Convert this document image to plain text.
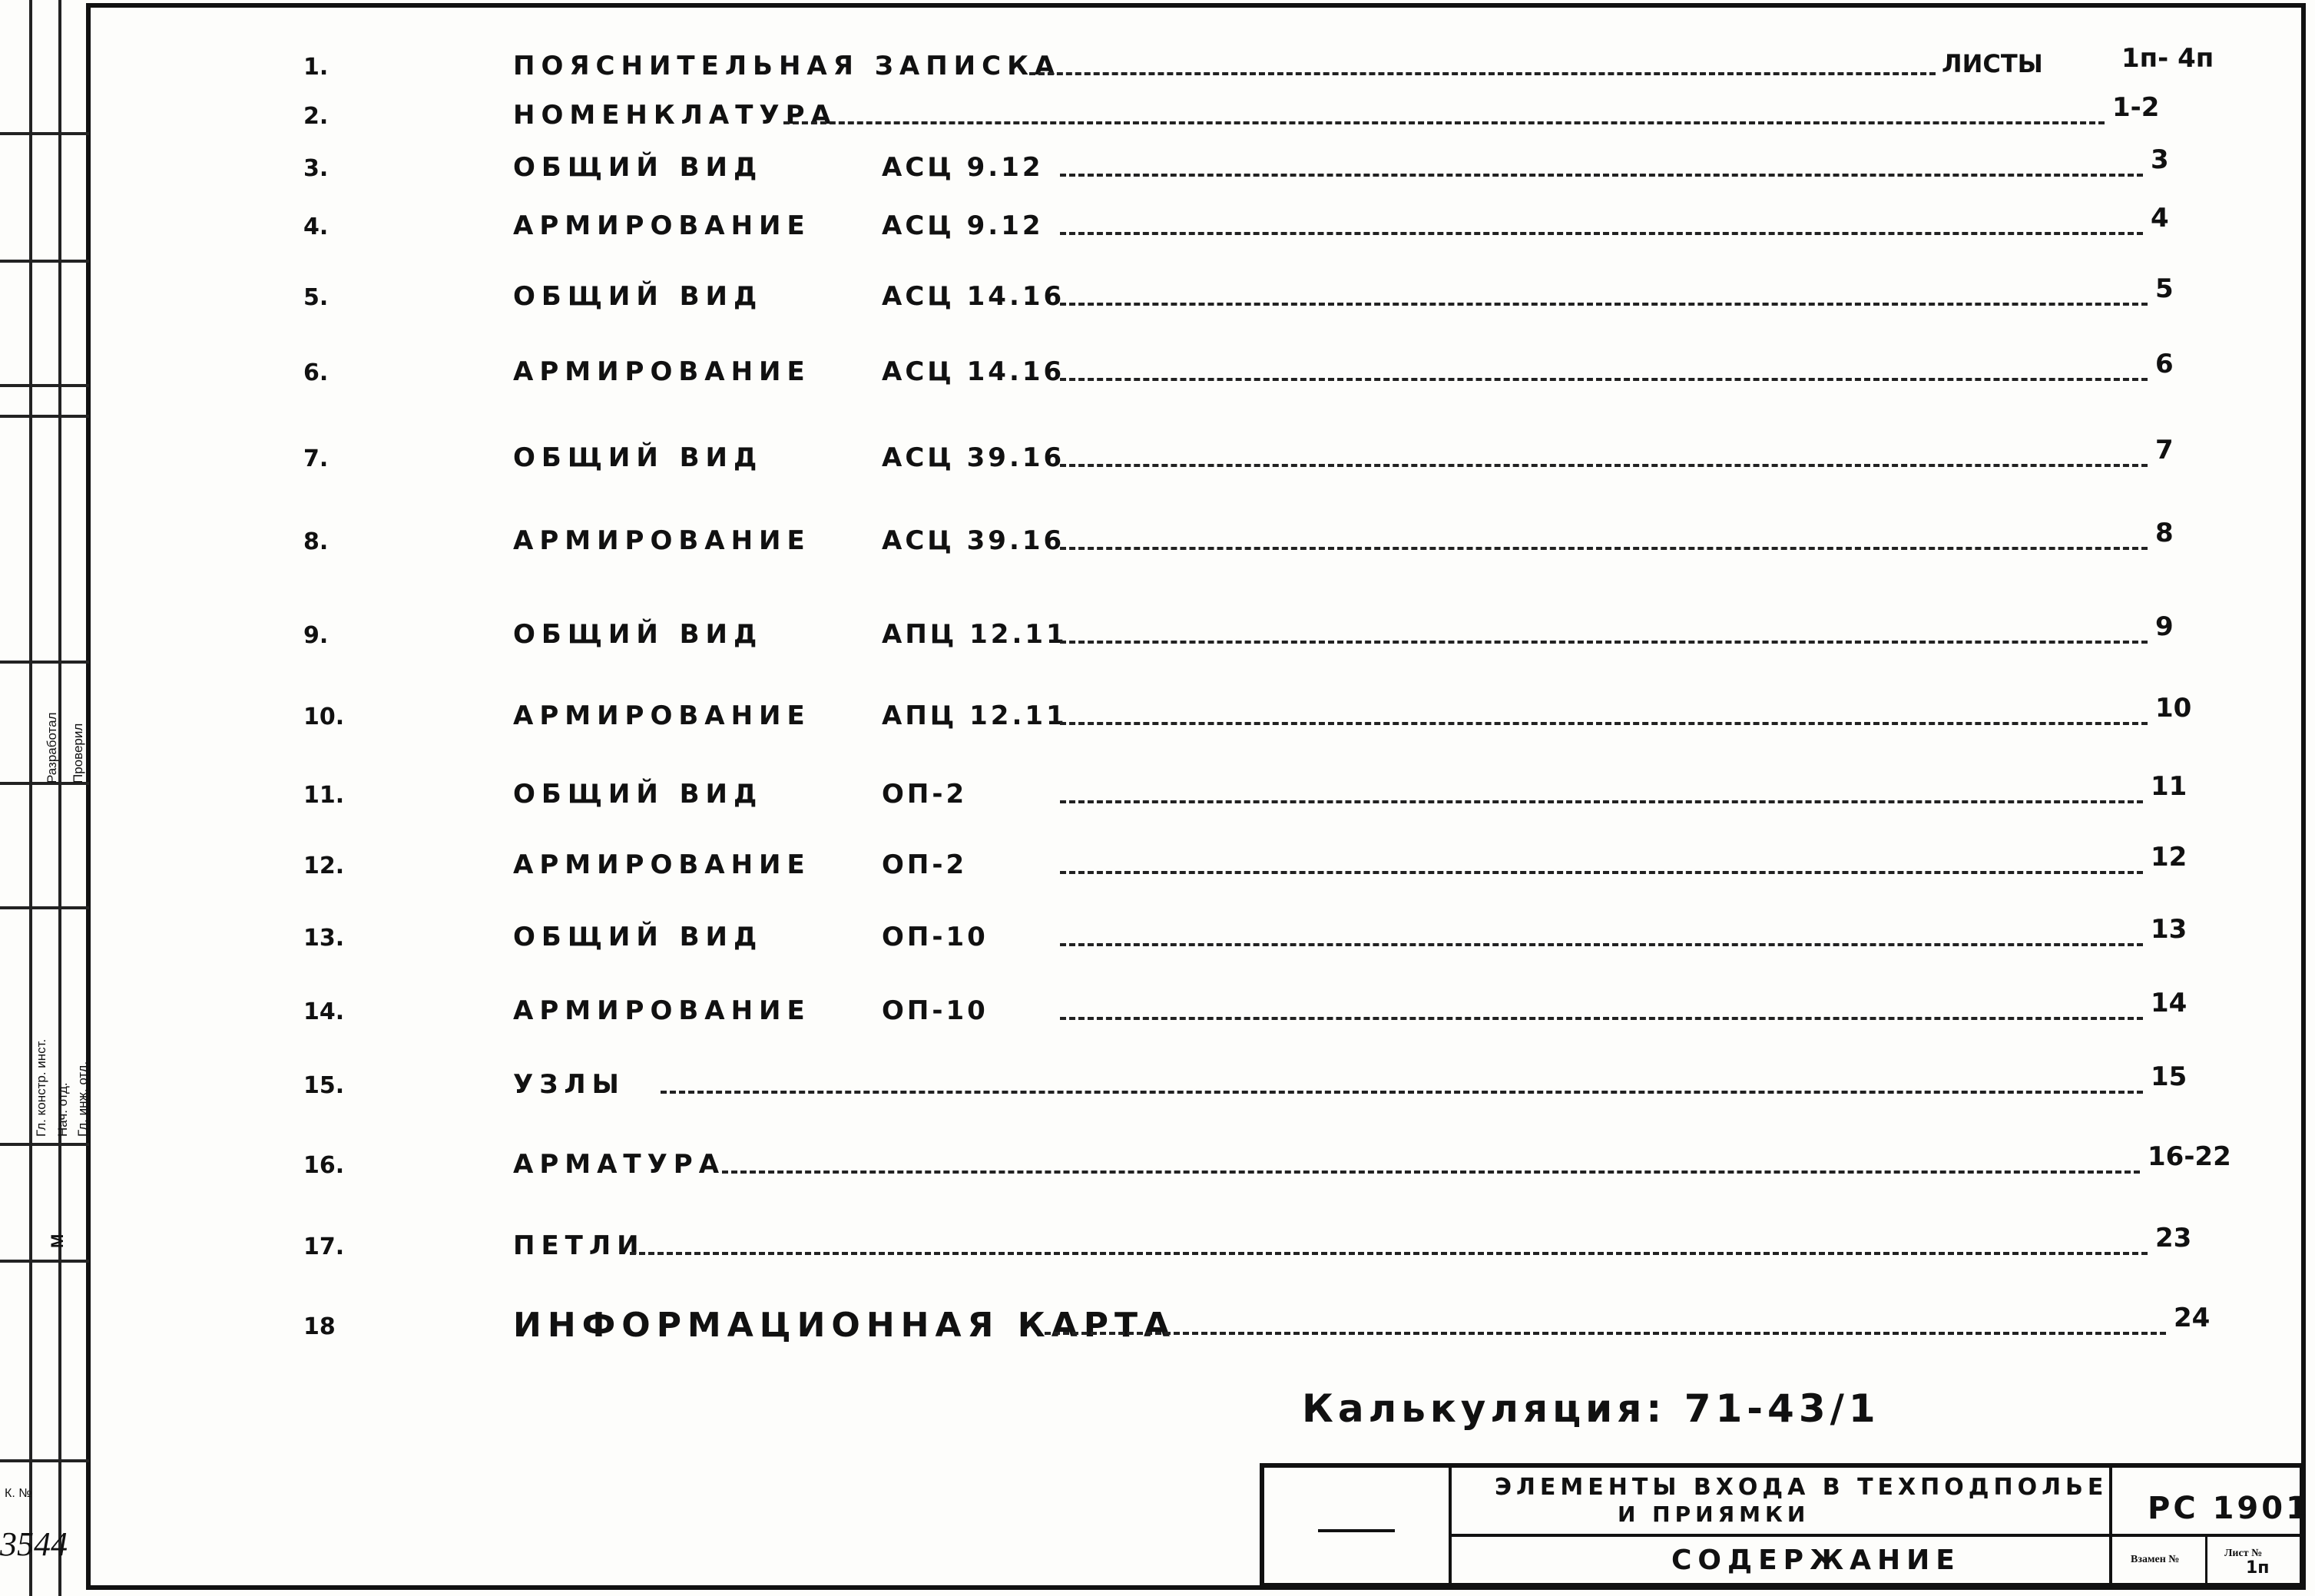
Разработал Проверил
Гл. констр. инст. Нач. отд. Гл. инж. отд.
М
К. №
3544
1.	ПОЯСНИТЕЛЬНАЯ ЗАПИСКА	ЛИСТЫ	1п- 4п
2.	НОМЕНКЛАТУРА	1-2
3.	ОБЩИЙ ВИД	АСЦ 9.12	3
4.	АРМИРОВАНИЕ	АСЦ 9.12	4
5.	ОБЩИЙ ВИД	АСЦ 14.16	5
6.	АРМИРОВАНИЕ	АСЦ 14.16	6
7.	ОБЩИЙ ВИД	АСЦ 39.16	7
8.	АРМИРОВАНИЕ	АСЦ 39.16	8
9.	ОБЩИЙ ВИД	АПЦ 12.11	9
10.	АРМИРОВАНИЕ	АПЦ 12.11	10
11.	ОБЩИЙ ВИД	ОП-2	11
12.	АРМИРОВАНИЕ	ОП-2	12
13.	ОБЩИЙ ВИД	ОП-10	13
14.	АРМИРОВАНИЕ	ОП-10	14
15.	УЗЛЫ	15
16.	АРМАТУРА	16-22
17.	ПЕТЛИ	23
18	ИНФОРМАЦИОННАЯ КАРТА	24
Калькуляция: 71-43/1
ЭЛЕМЕНТЫ ВХОДА В ТЕХПОДПОЛЬЕ
И ПРИЯМКИ
СОДЕРЖАНИЕ
РС 1901
Взамен №
Лист №
1п
